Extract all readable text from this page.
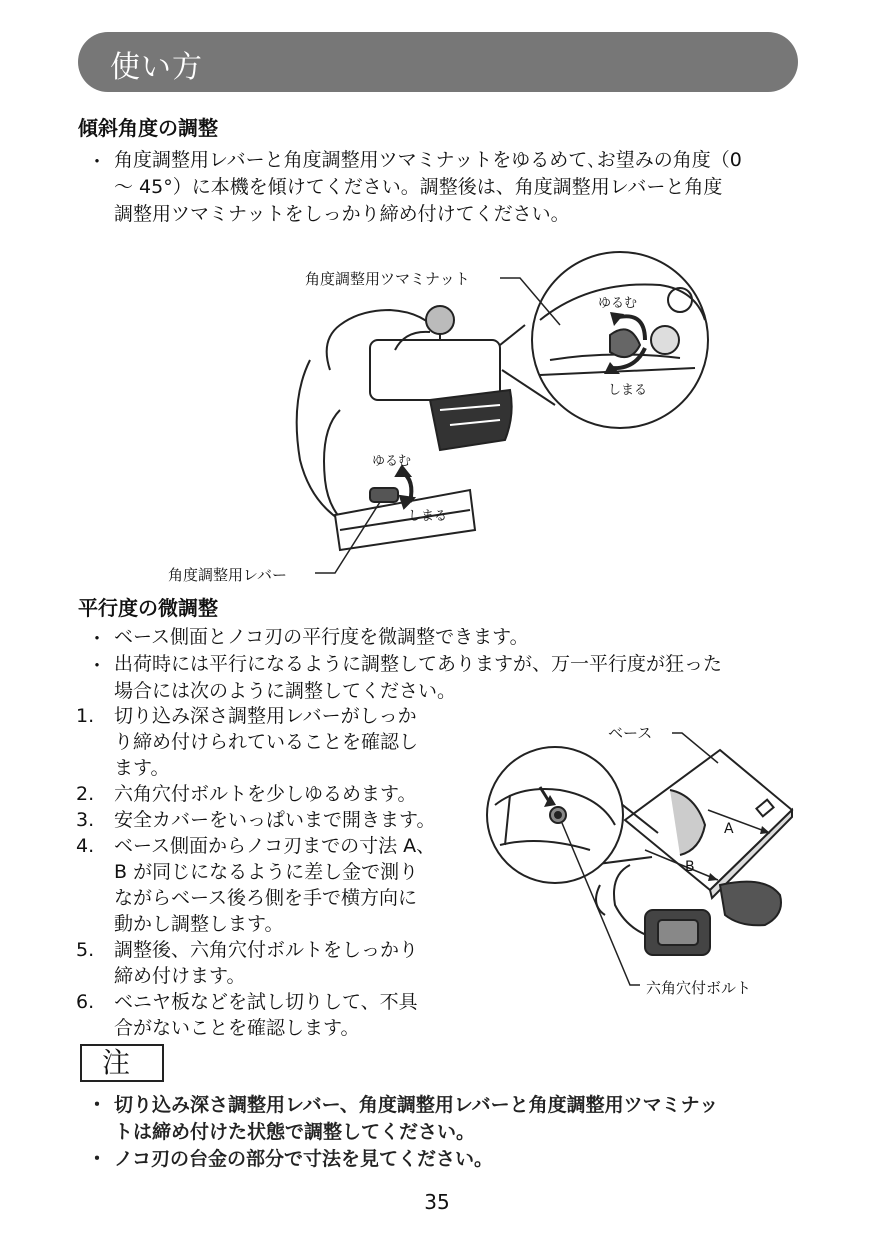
使い方
傾斜角度の調整
・ 角度調整用レバーと角度調整用ツマミナットをゆるめて､お望みの角度（0
～ 45°）に本機を傾けてください。調整後は、角度調整用レバーと角度
調整用ツマミナットをしっかり締め付けてください。
ゆるむ
しまる
ゆるむ
しまる
角度調整用ツマミナット
角度調整用レバー
平行度の微調整
・ ベース側面とノコ刃の平行度を微調整できます。
・ 出荷時には平行になるように調整してありますが、万一平行度が狂った
場合には次のように調整してください。
1.	切り込み深さ調整用レバーがしっか
り締め付けられていることを確認し
ます。
2.	六角穴付ボルトを少しゆるめます。
3.	安全カバーをいっぱいまで開きます。
4.	ベース側面からノコ刃までの寸法 A、
B が同じになるように差し金で測り
ながらベース後ろ側を手で横方向に
動かし調整します。
5.	調整後、六角穴付ボルトをしっかり
締め付けます。
6.	ベニヤ板などを試し切りして、不具
合がないことを確認します。
A
B
ベース
六角穴付ボルト
注
・ 切り込み深さ調整用レバー、角度調整用レバーと角度調整用ツマミナッ
トは締め付けた状態で調整してください。
・ ノコ刃の台金の部分で寸法を見てください。
35
